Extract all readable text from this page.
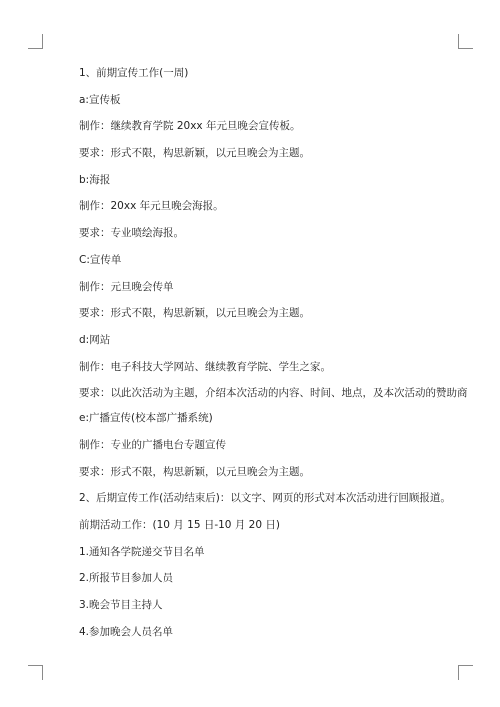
1、前期宣传工作(一周)

a:宣传板

制作：继续教育学院 20xx 年元旦晚会宣传板。

要求：形式不限，构思新颖，以元旦晚会为主题。

b:海报

制作：20xx 年元旦晚会海报。

要求：专业喷绘海报。

C:宣传单

制作：元旦晚会传单

要求：形式不限，构思新颖，以元旦晚会为主题。

d:网站

制作：电子科技大学网站、继续教育学院、学生之家。

要求：以此次活动为主题，介绍本次活动的内容、时间、地点，及本次活动的赞助商

e:广播宣传(校本部广播系统)

制作：专业的广播电台专题宣传

要求：形式不限，构思新颖，以元旦晚会为主题。

2、后期宣传工作(活动结束后)：以文字、网页的形式对本次活动进行回顾报道。

前期活动工作：(10 月 15 日-10 月 20 日)

1.通知各学院递交节目名单

2.所报节目参加人员

3.晚会节目主持人

4.参加晚会人员名单
